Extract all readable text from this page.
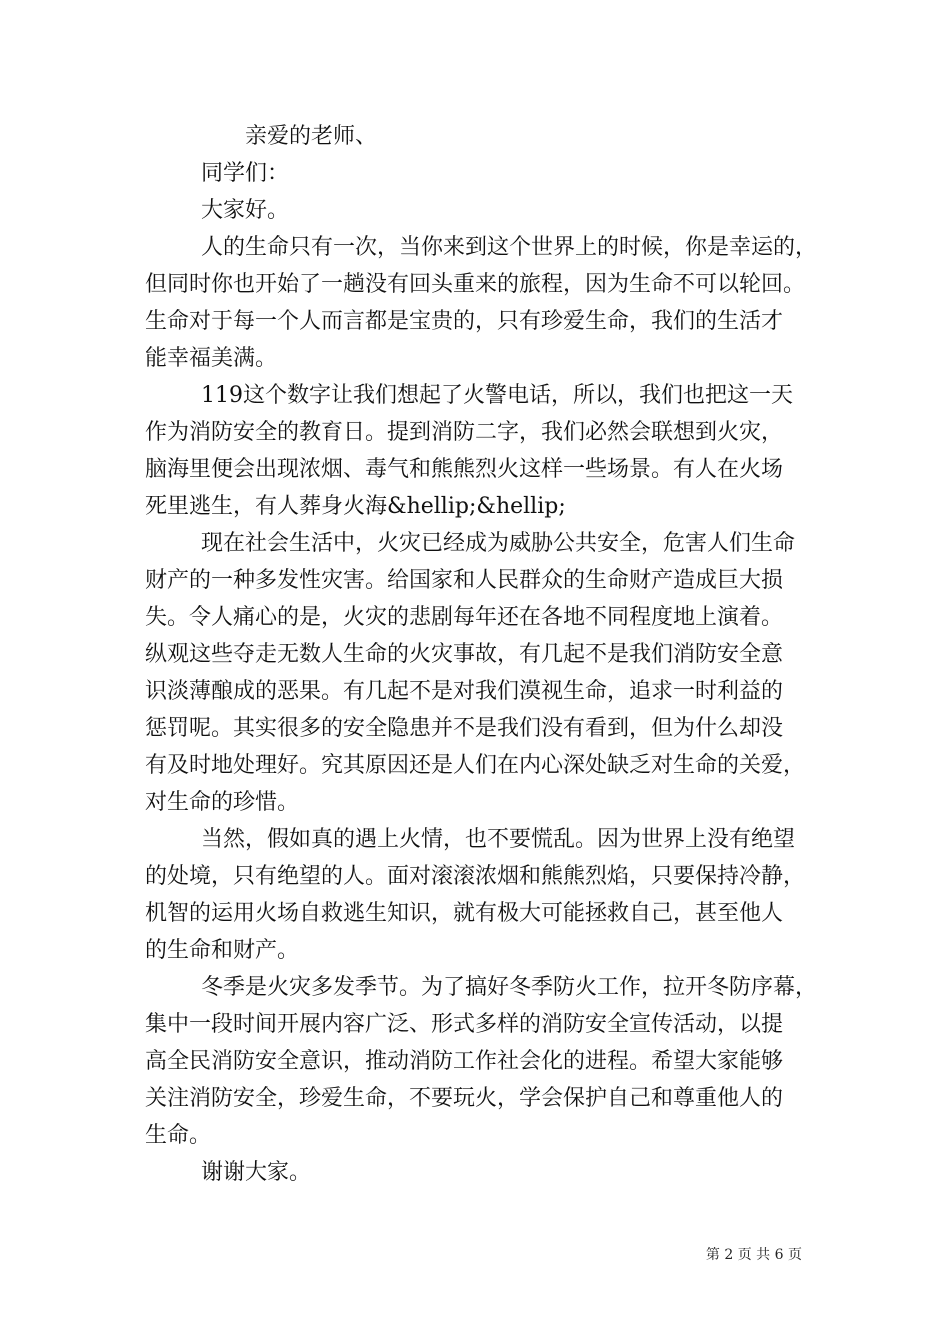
亲爱的老师、
同学们：
大家好。
人的生命只有一次，当你来到这个世界上的时候，你是幸运的，
但同时你也开始了一趟没有回头重来的旅程，因为生命不可以轮回。
生命对于每一个人而言都是宝贵的，只有珍爱生命，我们的生活才
能幸福美满。
119这个数字让我们想起了火警电话，所以，我们也把这一天
作为消防安全的教育日。提到消防二字，我们必然会联想到火灾，
脑海里便会出现浓烟、毒气和熊熊烈火这样一些场景。有人在火场
死里逃生，有人葬身火海&hellip;&hellip;
现在社会生活中，火灾已经成为威胁公共安全，危害人们生命
财产的一种多发性灾害。给国家和人民群众的生命财产造成巨大损
失。令人痛心的是，火灾的悲剧每年还在各地不同程度地上演着。
纵观这些夺走无数人生命的火灾事故，有几起不是我们消防安全意
识淡薄酿成的恶果。有几起不是对我们漠视生命，追求一时利益的
惩罚呢。其实很多的安全隐患并不是我们没有看到，但为什么却没
有及时地处理好。究其原因还是人们在内心深处缺乏对生命的关爱，
对生命的珍惜。
当然，假如真的遇上火情，也不要慌乱。因为世界上没有绝望
的处境，只有绝望的人。面对滚滚浓烟和熊熊烈焰，只要保持冷静，
机智的运用火场自救逃生知识，就有极大可能拯救自己，甚至他人
的生命和财产。
冬季是火灾多发季节。为了搞好冬季防火工作，拉开冬防序幕，
集中一段时间开展内容广泛、形式多样的消防安全宣传活动，以提
高全民消防安全意识，推动消防工作社会化的进程。希望大家能够
关注消防安全，珍爱生命，不要玩火，学会保护自己和尊重他人的
生命。
谢谢大家。
第 2 页 共 6 页
